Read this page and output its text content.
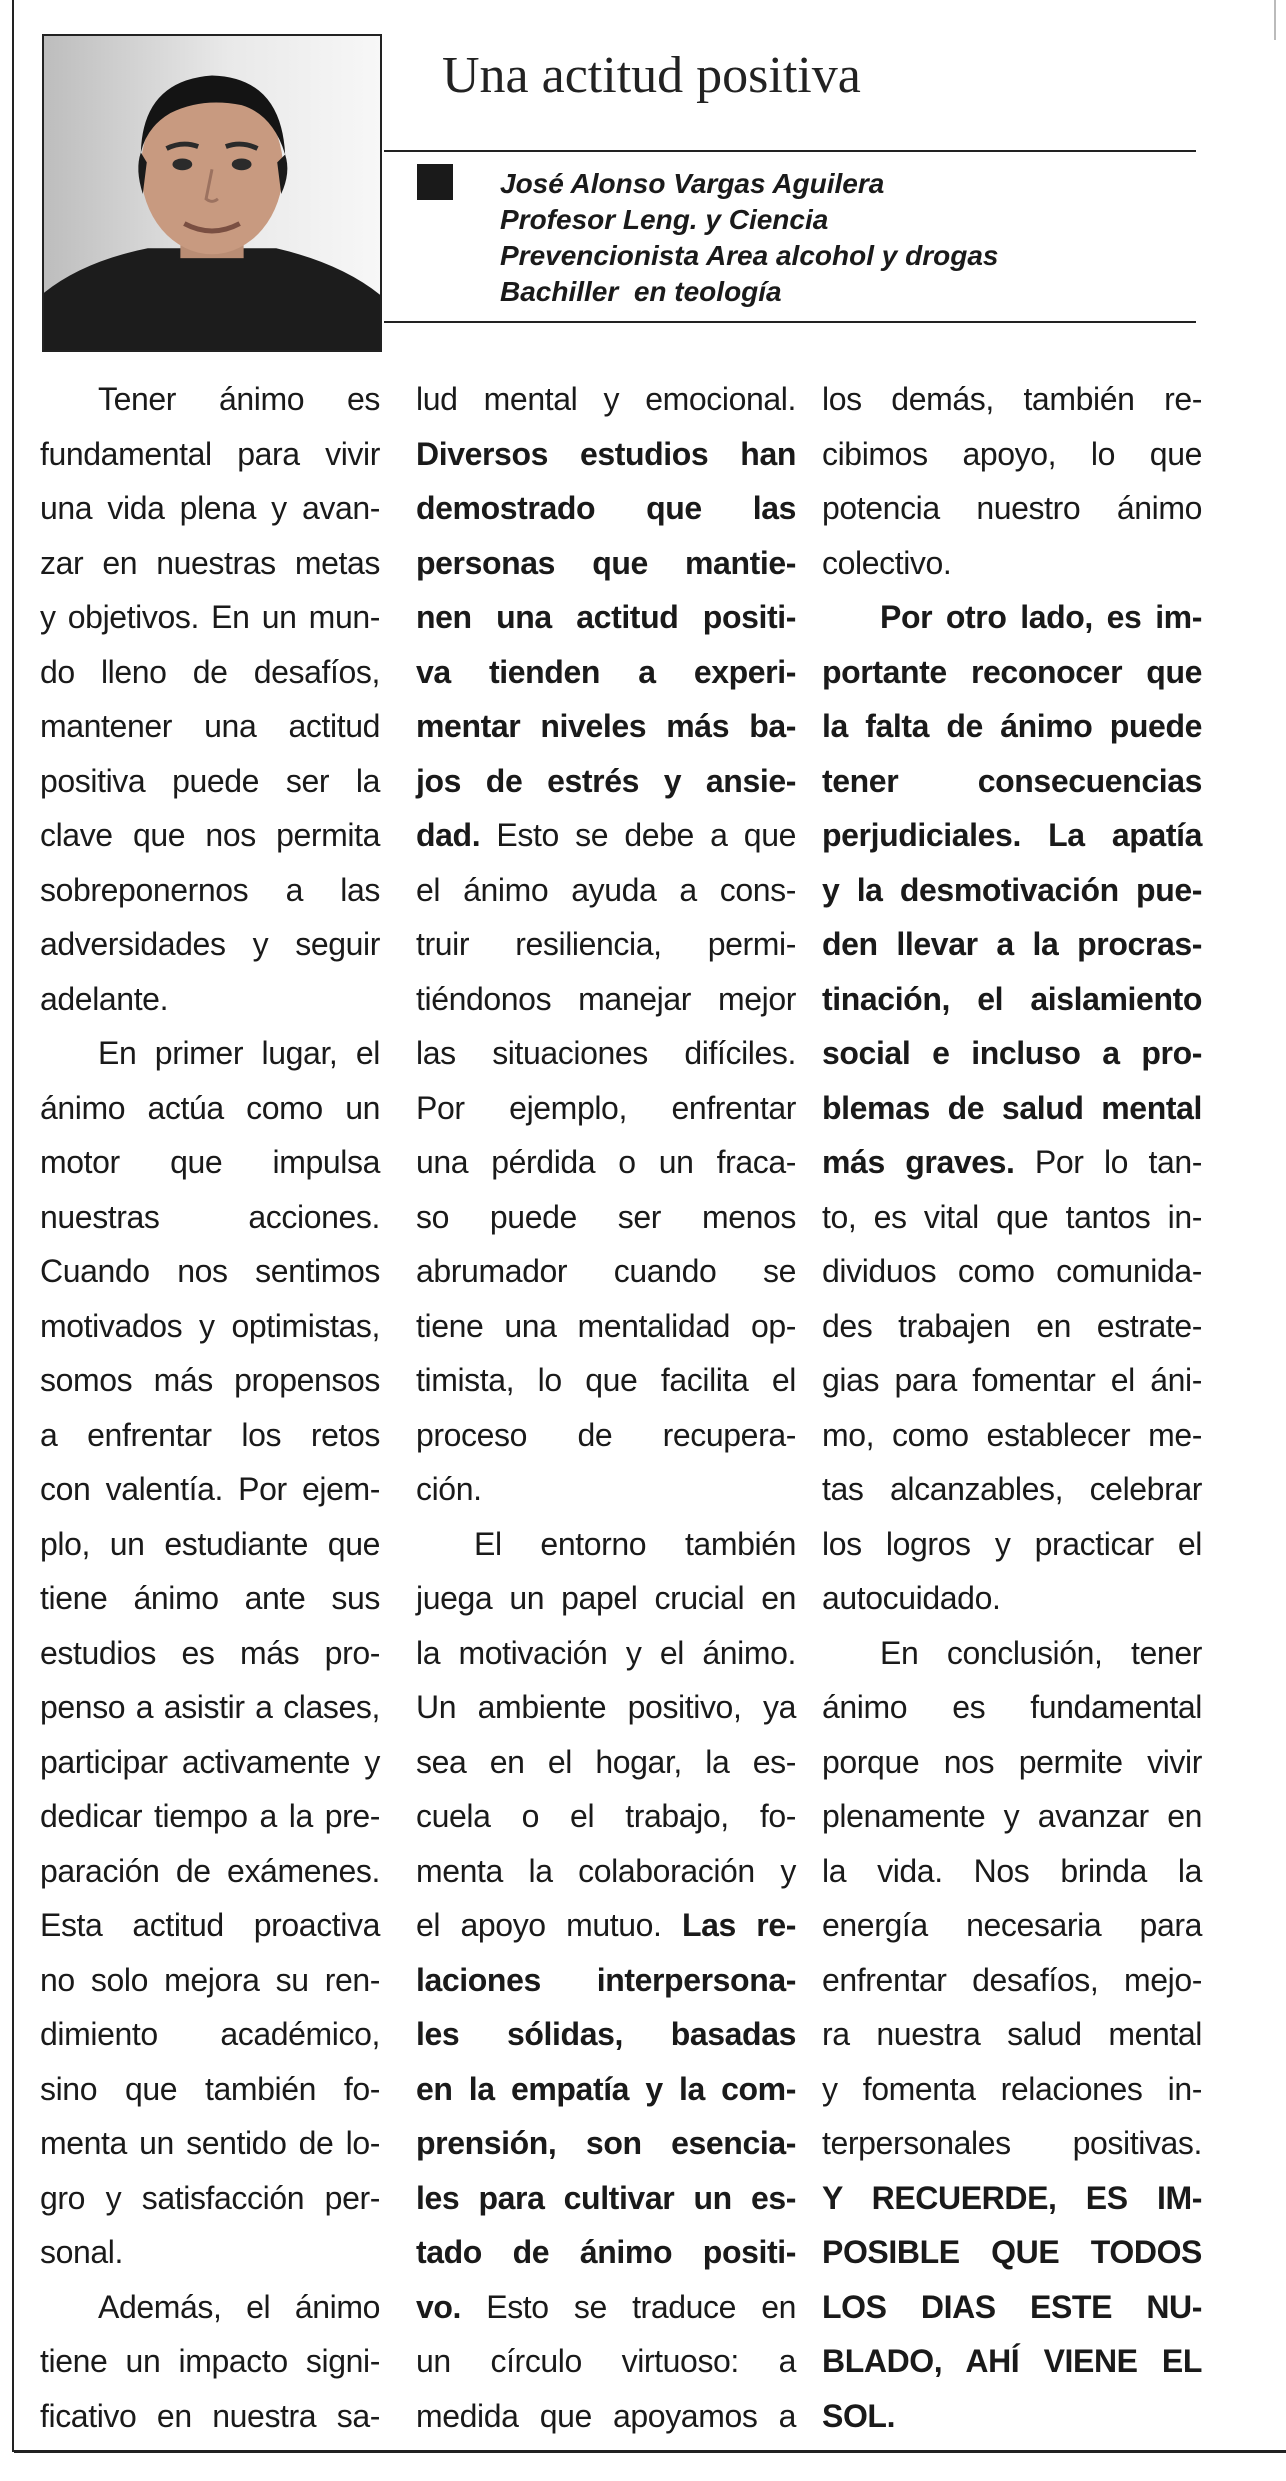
Una actitud positiva
José Alonso Vargas Aguilera
Profesor Leng. y Ciencia
Prevencionista Area alcohol y drogas
Bachiller  en teología
Tener ánimo es
fundamental para vivir
una vida plena y avan-
zar en nuestras metas
y objetivos. En un mun-
do lleno de desafíos,
mantener una actitud
positiva puede ser la
clave que nos permita
sobreponernos a las
adversidades y seguir
adelante.
En primer lugar, el
ánimo actúa como un
motor que impulsa
nuestras acciones.
Cuando nos sentimos
motivados y optimistas,
somos más propensos
a enfrentar los retos
con valentía. Por ejem-
plo, un estudiante que
tiene ánimo ante sus
estudios es más pro-
penso a asistir a clases,
participar activamente y
dedicar tiempo a la pre-
paración de exámenes.
Esta actitud proactiva
no solo mejora su ren-
dimiento académico,
sino que también fo-
menta un sentido de lo-
gro y satisfacción per-
sonal.
Además, el ánimo
tiene un impacto signi-
ficativo en nuestra sa-
lud mental y emocional.
Diversos estudios han
demostrado que las
personas que mantie-
nen una actitud positi-
va tienden a experi-
mentar niveles más ba-
jos de estrés y ansie-
dad. Esto se debe a que
el ánimo ayuda a cons-
truir resiliencia, permi-
tiéndonos manejar mejor
las situaciones difíciles.
Por ejemplo, enfrentar
una pérdida o un fraca-
so puede ser menos
abrumador cuando se
tiene una mentalidad op-
timista, lo que facilita el
proceso de recupera-
ción.
El entorno también
juega un papel crucial en
la motivación y el ánimo.
Un ambiente positivo, ya
sea en el hogar, la es-
cuela o el trabajo, fo-
menta la colaboración y
el apoyo mutuo. Las re-
laciones interpersona-
les sólidas, basadas
en la empatía y la com-
prensión, son esencia-
les para cultivar un es-
tado de ánimo positi-
vo. Esto se traduce en
un círculo virtuoso: a
medida que apoyamos a
los demás, también re-
cibimos apoyo, lo que
potencia nuestro ánimo
colectivo.
Por otro lado, es im-
portante reconocer que
la falta de ánimo puede
tener consecuencias
perjudiciales. La apatía
y la desmotivación pue-
den llevar a la procras-
tinación, el aislamiento
social e incluso a pro-
blemas de salud mental
más graves. Por lo tan-
to, es vital que tantos in-
dividuos como comunida-
des trabajen en estrate-
gias para fomentar el áni-
mo, como establecer me-
tas alcanzables, celebrar
los logros y practicar el
autocuidado.
En conclusión, tener
ánimo es fundamental
porque nos permite vivir
plenamente y avanzar en
la vida. Nos brinda la
energía necesaria para
enfrentar desafíos, mejo-
ra nuestra salud mental
y fomenta relaciones in-
terpersonales positivas.
Y RECUERDE, ES IM-
POSIBLE QUE TODOS
LOS DIAS ESTE NU-
BLADO, AHÍ VIENE EL
SOL.
